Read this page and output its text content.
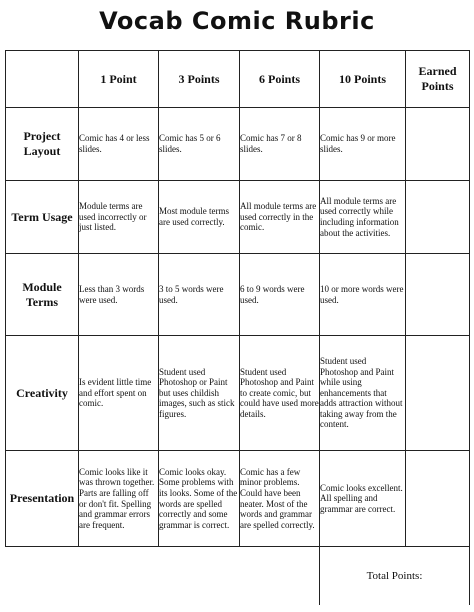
Vocab Comic Rubric
	1 Point	3 Points	6 Points	10 Points	Earned Points
Project Layout	Comic has 4 or less slides.	Comic has 5 or 6 slides.	Comic has 7 or 8 slides.	Comic has 9 or more slides.	
Term Usage	Module terms are used incorrectly or just listed.	Most module terms are used correctly.	All module terms are used correctly in the comic.	All module terms are used correctly while including information about the activities.	
Module Terms	Less than 3 words were used.	3 to 5 words were used.	6 to 9 words were used.	10 or more words were used.	
Creativity	Is evident little time and effort spent on comic.	Student used Photoshop or Paint but uses childish images, such as stick figures.	Student used Photoshop and Paint to create comic, but could have used more details.	Student used Photoshop and Paint while using enhancements that adds attraction without taking away from the content.	
Presentation	Comic looks like it was thrown together. Parts are falling off or don't fit. Spelling and grammar errors are frequent.	Comic looks okay. Some problems with its looks. Some of the words are spelled correctly and some grammar is correct.	Comic has a few minor problems. Could have been neater. Most of the words and grammar are spelled correctly.	Comic looks excellent. All spelling and grammar are correct.	
				Total Points:	
